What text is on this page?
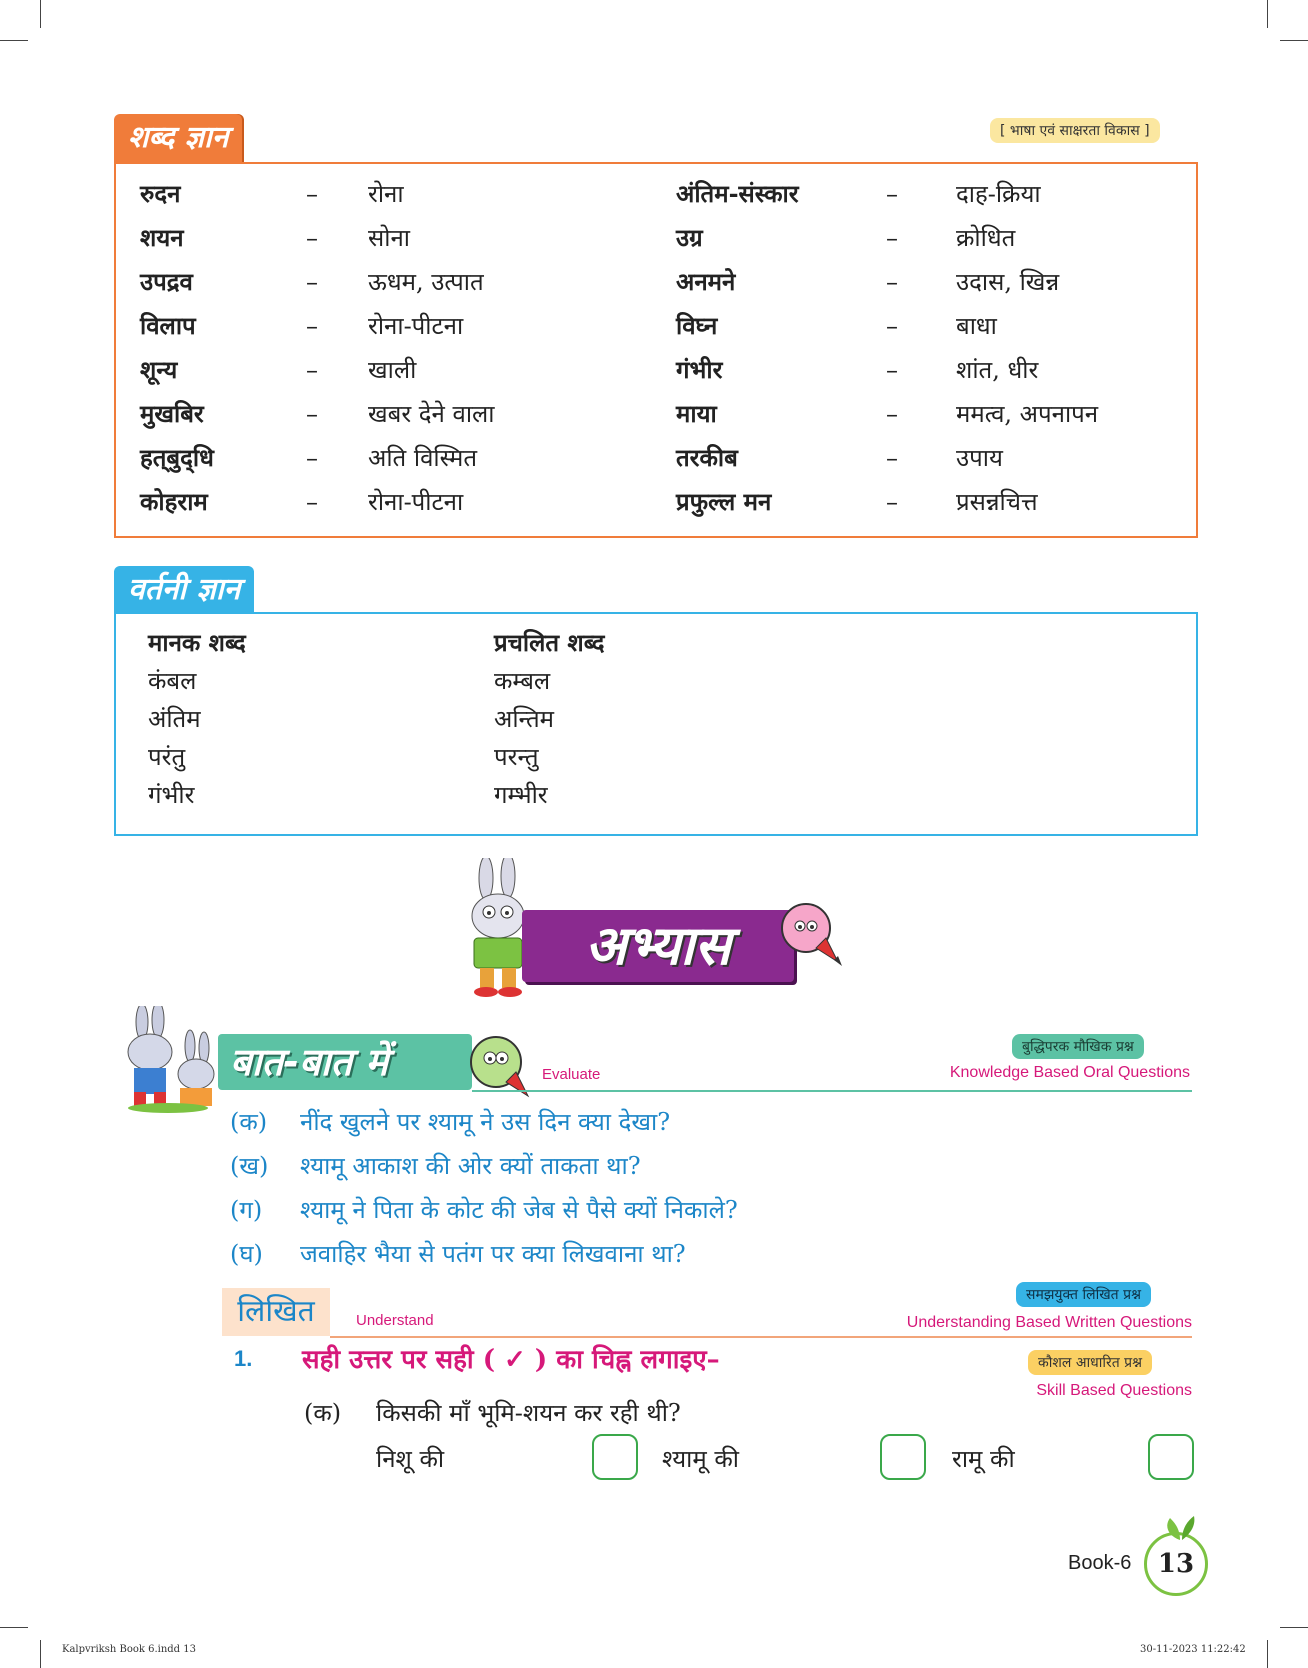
शब्द ज्ञान	[ भाषा एवं साक्षरता विकास ]
रुदन	– रोना
शयन	– सोना
उपद्रव	– ऊधम, उत्पात
विलाप	– रोना-पीटना
शून्य	– खाली
मुखबिर	– खबर देने वाला
हत्‌बुद्‌धि	– अति विस्मित
कोहराम	– रोना-पीटना
अंतिम-संस्कार	– दाह-क्रिया
उग्र	– क्रोधित
अनमने	– उदास, खिन्न
विघ्न	– बाधा
गंभीर	– शांत, धीर
माया	– ममत्व, अपनापन
तरकीब	– उपाय
प्रफुल्ल मन	– प्रसन्नचित्त
वर्तनी ज्ञान
मानक शब्द	प्रचलित शब्द
कंबल	कम्बल
अंतिम	अन्तिम
परंतु	परन्तु
गंभीर	गम्भीर
अभ्यास
बात-बात में	Evaluate
बुद्धिपरक मौखिक प्रश्न
Knowledge Based Oral Questions
(क) नींद खुलने पर श्यामू ने उस दिन क्या देखा?
(ख) श्यामू आकाश की ओर क्यों ताकता था?
(ग) श्यामू ने पिता के कोट की जेब से पैसे क्यों निकाले?
(घ) जवाहिर भैया से पतंग पर क्या लिखवाना था?
लिखित	Understand
समझयुक्त लिखित प्रश्न
Understanding Based Written Questions
1. सही उत्तर पर सही ( ✓ ) का चिह्न लगाइए–	कौशल आधारित प्रश्न
Skill Based Questions
(क) किसकी माँ भूमि-शयन कर रही थी?
निशू की	श्यामू की	रामू की
Book-6	13
Kalpvriksh Book 6.indd 13	30-11-2023 11:22:42
